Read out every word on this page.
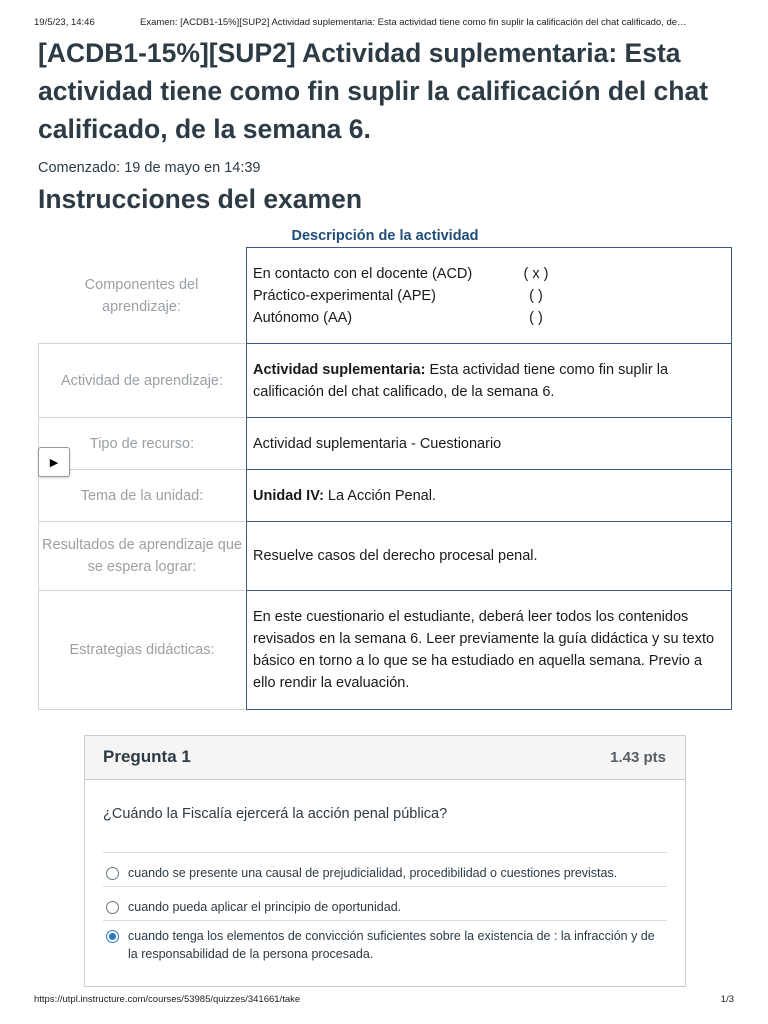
19/5/23, 14:46	Examen: [ACDB1-15%][SUP2] Actividad suplementaria: Esta actividad tiene como fin suplir la calificación del chat calificado, de…
[ACDB1-15%][SUP2] Actividad suplementaria: Esta actividad tiene como fin suplir la calificación del chat calificado, de la semana 6.
Comenzado: 19 de mayo en 14:39
Instrucciones del examen
Descripción de la actividad
Componentes del aprendizaje:
En contacto con el docente (ACD)	( x )
Práctico-experimental (APE)	( )
Autónomo (AA)	( )
Actividad de aprendizaje:
Actividad suplementaria: Esta actividad tiene como fin suplir la calificación del chat calificado, de la semana 6.
Tipo de recurso:	Actividad suplementaria - Cuestionario
Tema de la unidad:	Unidad IV: La Acción Penal.
Resultados de aprendizaje que se espera lograr:
Resuelve casos del derecho procesal penal.
Estrategias didácticas:
En este cuestionario el estudiante, deberá leer todos los contenidos revisados en la semana 6. Leer previamente la guía didáctica y su texto básico en torno a lo que se ha estudiado en aquella semana. Previo a ello rendir la evaluación.
▶
Pregunta 1	1.43 pts
¿Cuándo la Fiscalía ejercerá la acción penal pública?
cuando se presente una causal de prejudicialidad, procedibilidad o cuestiones previstas.
cuando pueda aplicar el principio de oportunidad.
cuando tenga los elementos de convicción suficientes sobre la existencia de : la infracción y de la responsabilidad de la persona procesada.
https://utpl.instructure.com/courses/53985/quizzes/341661/take	1/3
